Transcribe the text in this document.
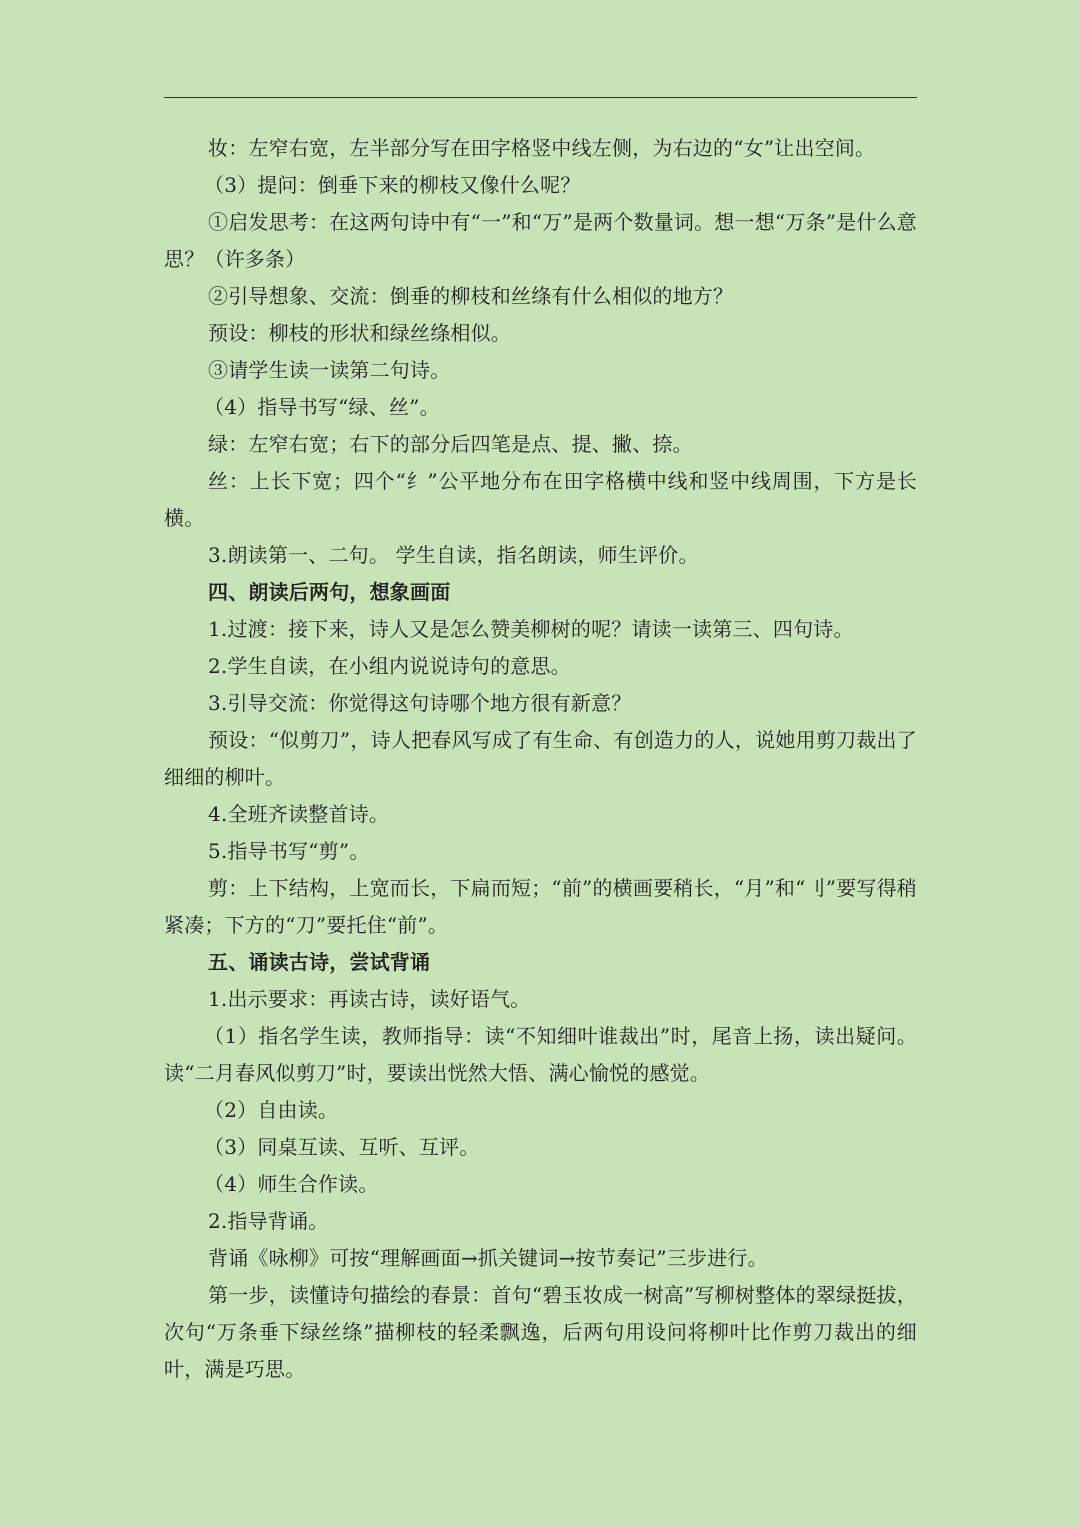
妆：左窄右宽，左半部分写在田字格竖中线左侧，为右边的“女”让出空间。

（3）提问：倒垂下来的柳枝又像什么呢？

①启发思考：在这两句诗中有“一”和“万”是两个数量词。想一想“万条”是什么意思？（许多条）

②引导想象、交流：倒垂的柳枝和丝绦有什么相似的地方？

预设：柳枝的形状和绿丝绦相似。

③请学生读一读第二句诗。

（4）指导书写“绿、丝”。

绿：左窄右宽；右下的部分后四笔是点、提、撇、捺。

丝：上长下宽；四个“纟”公平地分布在田字格横中线和竖中线周围，下方是长横。

3.朗读第一、二句。 学生自读，指名朗读，师生评价。

四、朗读后两句，想象画面

1.过渡：接下来，诗人又是怎么赞美柳树的呢？请读一读第三、四句诗。

2.学生自读，在小组内说说诗句的意思。

3.引导交流：你觉得这句诗哪个地方很有新意？

预设：“似剪刀”，诗人把春风写成了有生命、有创造力的人，说她用剪刀裁出了细细的柳叶。

4.全班齐读整首诗。

5.指导书写“剪”。

剪：上下结构，上宽而长，下扁而短；“前”的横画要稍长，“月”和“刂”要写得稍紧凑；下方的“刀”要托住“前”。

五、诵读古诗，尝试背诵

1.出示要求：再读古诗，读好语气。

（1）指名学生读，教师指导：读“不知细叶谁裁出”时，尾音上扬，读出疑问。读“二月春风似剪刀”时，要读出恍然大悟、满心愉悦的感觉。

（2）自由读。

（3）同桌互读、互听、互评。

（4）师生合作读。

2.指导背诵。

背诵《咏柳》可按“理解画面→抓关键词→按节奏记”三步进行。

第一步，读懂诗句描绘的春景：首句“碧玉妆成一树高”写柳树整体的翠绿挺拔，次句“万条垂下绿丝绦”描柳枝的轻柔飘逸，后两句用设问将柳叶比作剪刀裁出的细叶，满是巧思。
